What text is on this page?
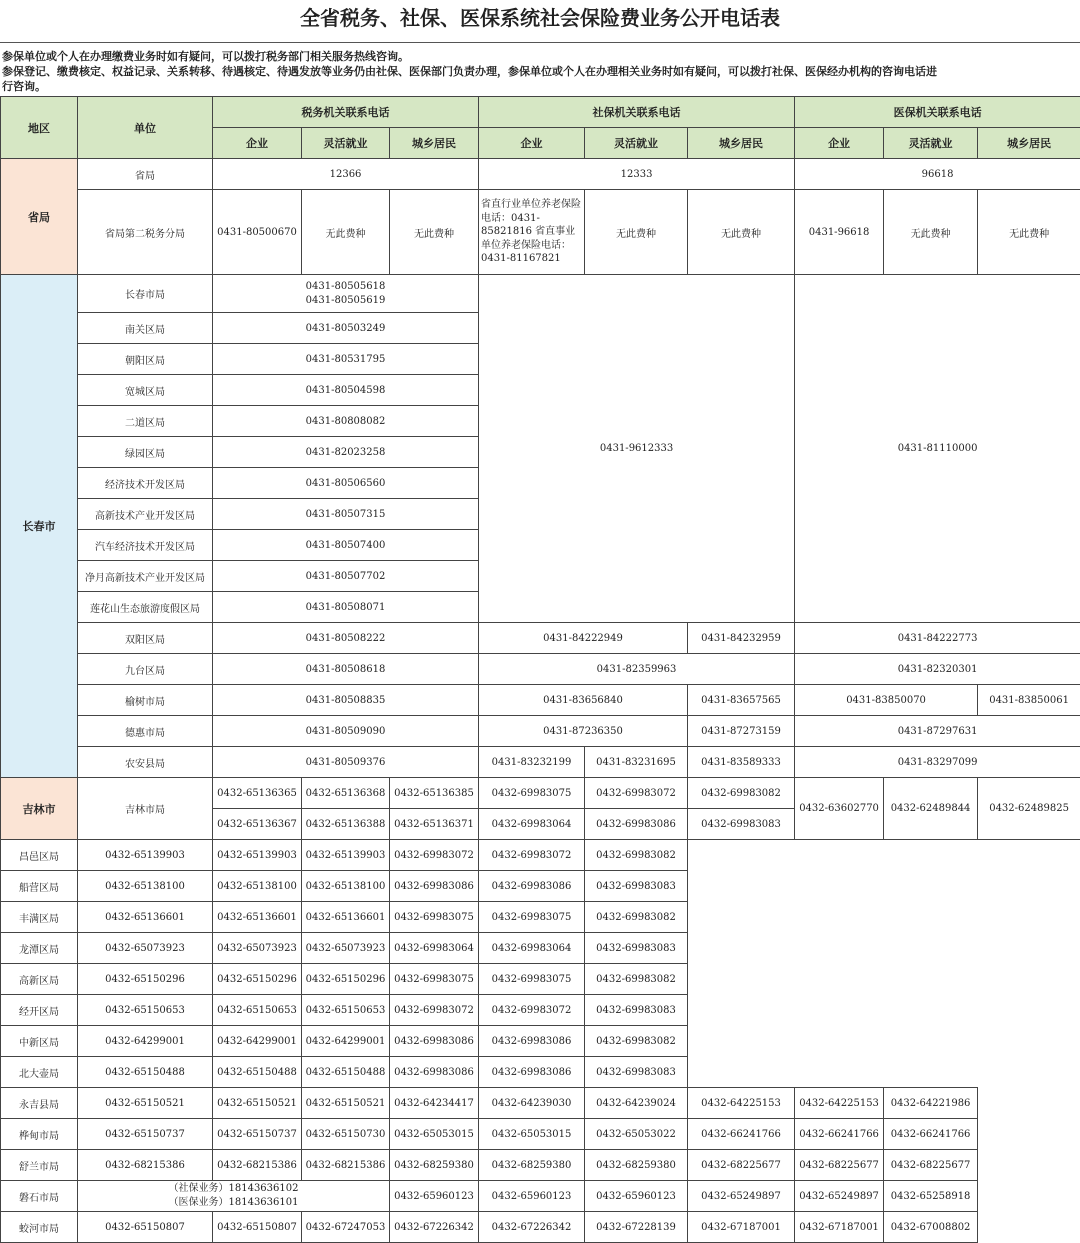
全省税务、社保、医保系统社会保险费业务公开电话表
参保单位或个人在办理缴费业务时如有疑问，可以拨打税务部门相关服务热线咨询。
参保登记、缴费核定、权益记录、关系转移、待遇核定、待遇发放等业务仍由社保、医保部门负责办理，参保单位或个人在办理相关业务时如有疑问，可以拨打社保、医保经办机构的咨询电话进
行咨询。
地区	单位	税务机关联系电话			社保机关联系电话			医保机关联系电话		
		企业	灵活就业	城乡居民	企业	灵活就业	城乡居民	企业	灵活就业	城乡居民
省局	省局	12366			12333			96618		
	省局第二税务分局	0431-80500670	无此费种	无此费种	省直行业单位养老保险电话：0431-85821816 省直事业单位养老保险电话：0431-81167821	无此费种	无此费种	0431-96618	无此费种	无此费种
长春市	长春市局	0431-80505618
0431-80505619			0431-9612333			0431-81110000		
	南关区局	0431-80503249								
	朝阳区局	0431-80531795								
	宽城区局	0431-80504598								
	二道区局	0431-80808082								
	绿园区局	0431-82023258								
	经济技术开发区局	0431-80506560								
	高新技术产业开发区局	0431-80507315								
	汽车经济技术开发区局	0431-80507400								
	净月高新技术产业开发区局	0431-80507702								
	莲花山生态旅游度假区局	0431-80508071								
	双阳区局	0431-80508222			0431-84222949		0431-84232959	0431-84222773		
	九台区局	0431-80508618			0431-82359963			0431-82320301		
	榆树市局	0431-80508835			0431-83656840		0431-83657565	0431-83850070		0431-83850061
	德惠市局	0431-80509090			0431-87236350		0431-87273159	0431-87297631		
	农安县局	0431-80509376			0431-83232199	0431-83231695	0431-83589333	0431-83297099		
吉林市	吉林市局	0432-65136365	0432-65136368	0432-65136385	0432-69983075	0432-69983072	0432-69983082	0432-63602770	0432-62489844	0432-62489825
		0432-65136367	0432-65136388	0432-65136371	0432-69983064	0432-69983086	0432-69983083			
昌邑区局	0432-65139903	0432-65139903	0432-65139903	0432-69983072	0432-69983072	0432-69983082				
船营区局	0432-65138100	0432-65138100	0432-65138100	0432-69983086	0432-69983086	0432-69983083				
丰满区局	0432-65136601	0432-65136601	0432-65136601	0432-69983075	0432-69983075	0432-69983082				
龙潭区局	0432-65073923	0432-65073923	0432-65073923	0432-69983064	0432-69983064	0432-69983083				
高新区局	0432-65150296	0432-65150296	0432-65150296	0432-69983075	0432-69983075	0432-69983082				
经开区局	0432-65150653	0432-65150653	0432-65150653	0432-69983072	0432-69983072	0432-69983083				
中新区局	0432-64299001	0432-64299001	0432-64299001	0432-69983086	0432-69983086	0432-69983082				
北大壶局	0432-65150488	0432-65150488	0432-65150488	0432-69983086	0432-69983086	0432-69983083				
永吉县局	0432-65150521	0432-65150521	0432-65150521	0432-64234417	0432-64239030	0432-64239024	0432-64225153	0432-64225153	0432-64221986	
桦甸市局	0432-65150737	0432-65150737	0432-65150730	0432-65053015	0432-65053015	0432-65053022	0432-66241766	0432-66241766	0432-66241766	
舒兰市局	0432-68215386	0432-68215386	0432-68215386	0432-68259380	0432-68259380	0432-68259380	0432-68225677	0432-68225677	0432-68225677	
磐石市局	（社保业务）18143636102
（医保业务）18143636101			0432-65960123	0432-65960123	0432-65960123	0432-65249897	0432-65249897	0432-65258918	
蛟河市局	0432-65150807	0432-65150807	0432-67247053	0432-67226342	0432-67226342	0432-67228139	0432-67187001	0432-67187001	0432-67008802	
